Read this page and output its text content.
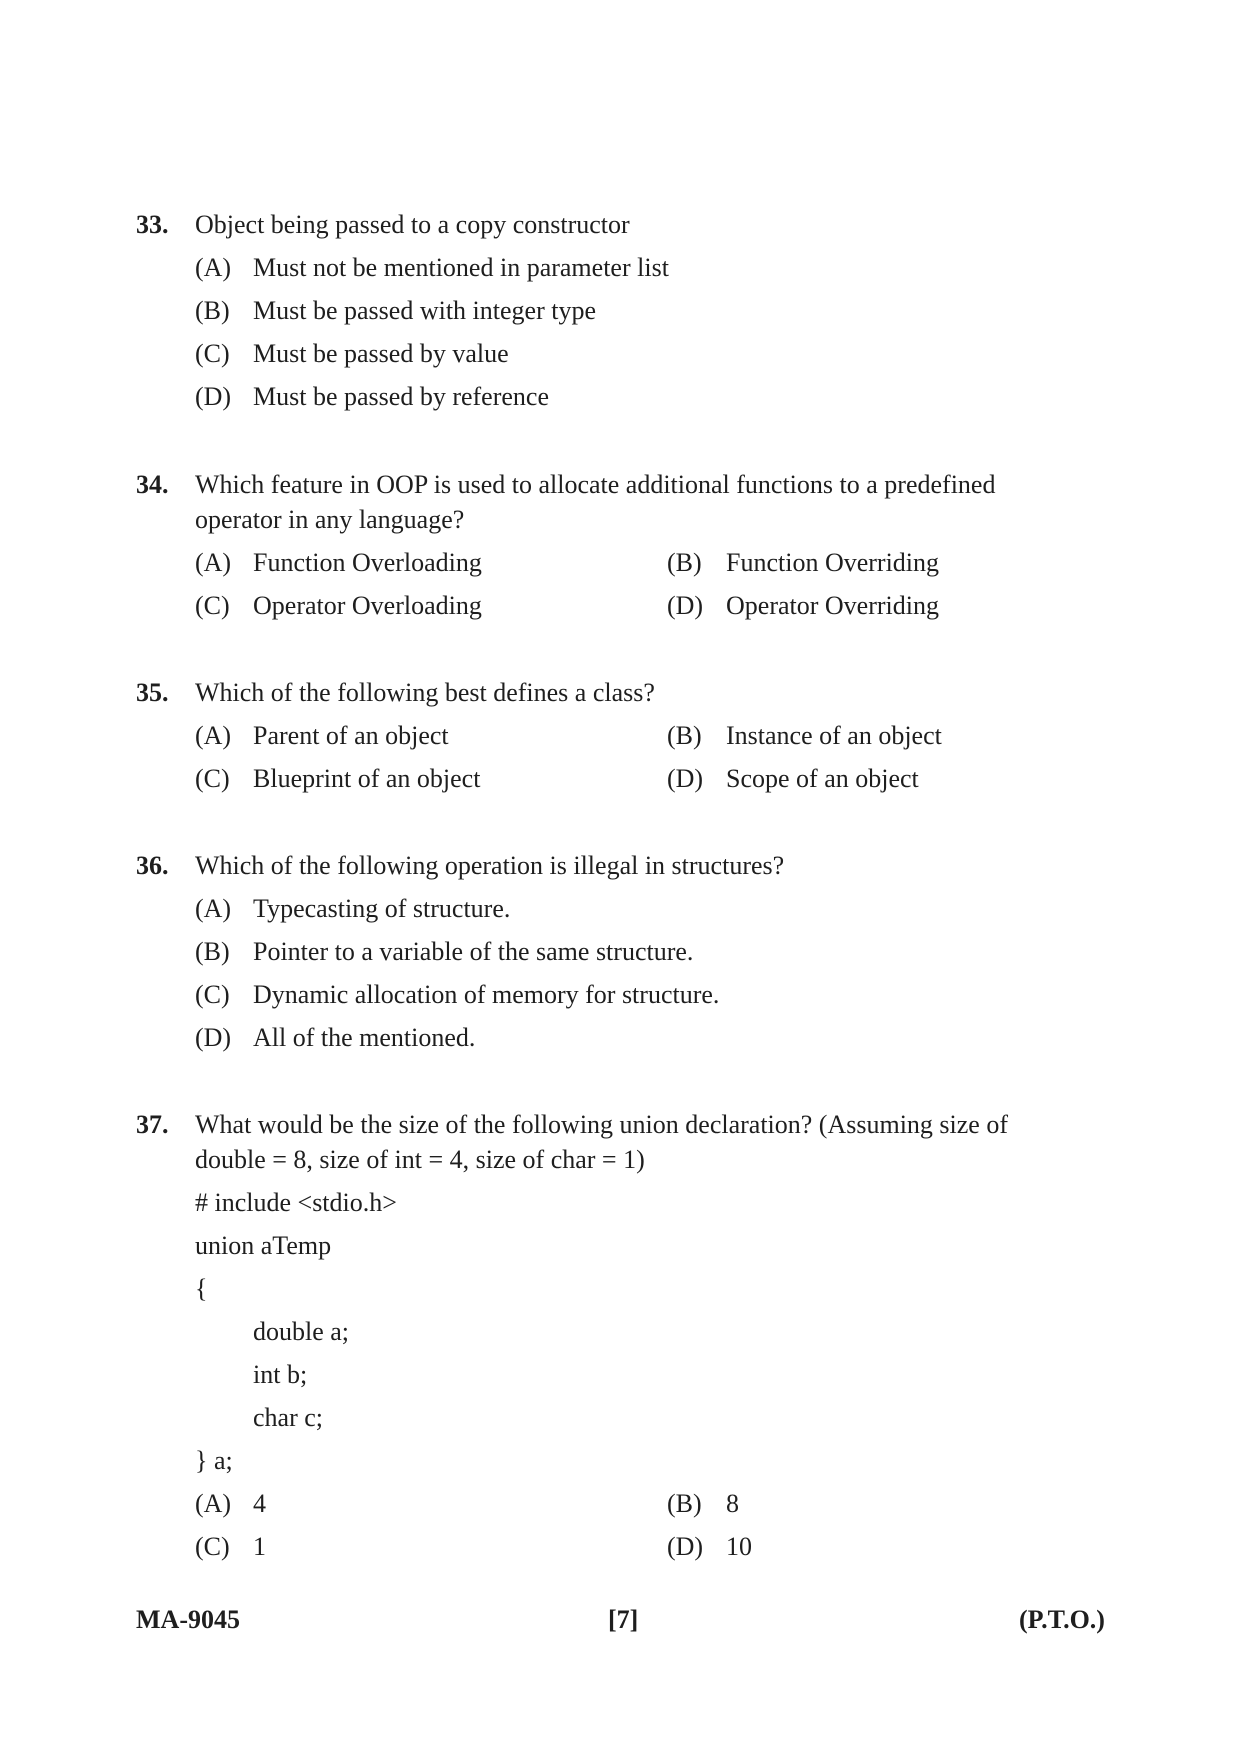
33. Object being passed to a copy constructor
(A) Must not be mentioned in parameter list
(B) Must be passed with integer type
(C) Must be passed by value
(D) Must be passed by reference
34. Which feature in OOP is used to allocate additional functions to a predefined
operator in any language?
(A) Function Overloading	(B) Function Overriding
(C) Operator Overloading	(D) Operator Overriding
35. Which of the following best defines a class?
(A) Parent of an object	(B) Instance of an object
(C) Blueprint of an object	(D) Scope of an object
36. Which of the following operation is illegal in structures?
(A) Typecasting of structure.
(B) Pointer to a variable of the same structure.
(C) Dynamic allocation of memory for structure.
(D) All of the mentioned.
37. What would be the size of the following union declaration? (Assuming size of
double = 8, size of int = 4, size of char = 1)
# include <stdio.h>
union aTemp
{
double a;
int b;
char c;
} a;
(A) 4	(B) 8
(C) 1	(D) 10
MA-9045	[7]	(P.T.O.)
